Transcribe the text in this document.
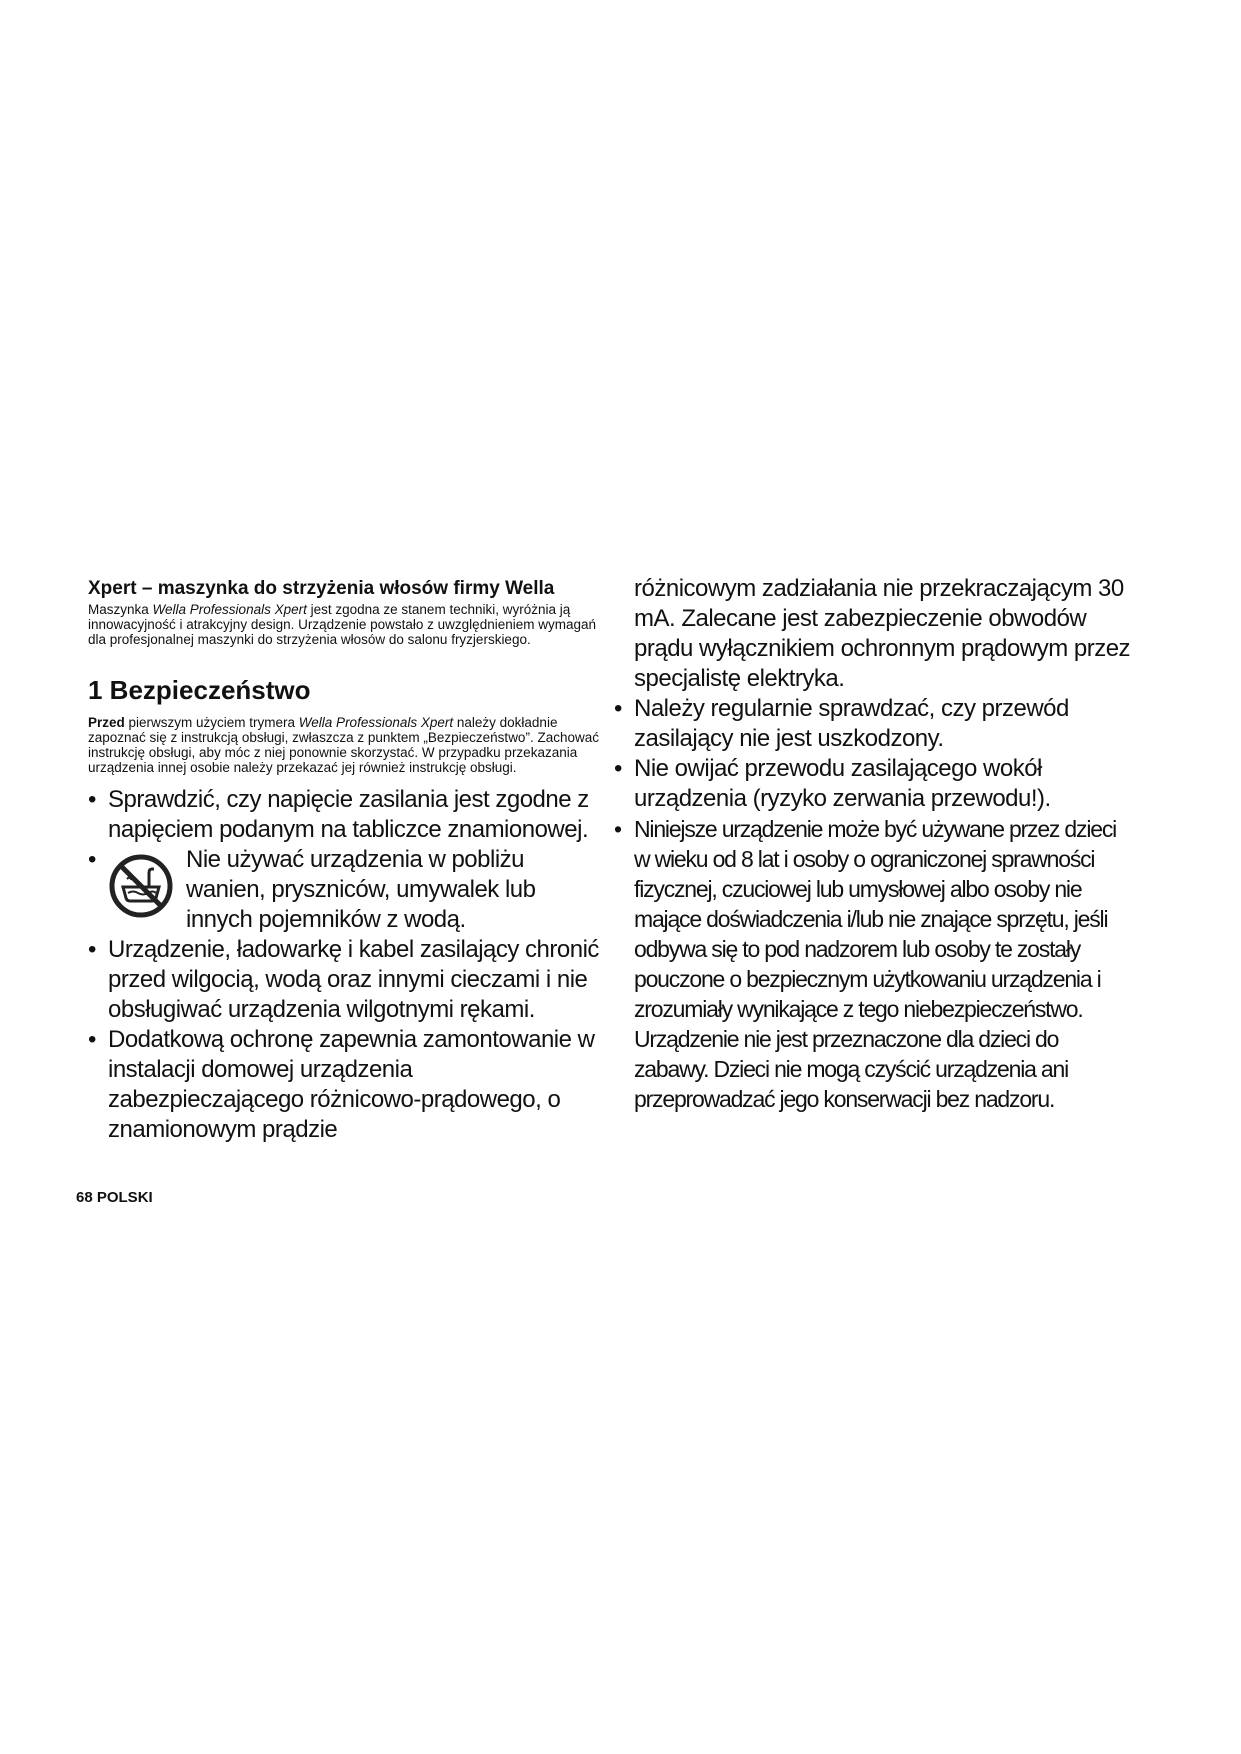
Xpert – maszynka do strzyżenia włosów firmy Wella

Maszynka Wella Professionals Xpert jest zgodna ze stanem techniki, wyróżnia ją innowacyjność i atrakcyjny design. Urządzenie powstało z uwzględnieniem wymagań dla profesjonalnej maszynki do strzyżenia włosów do salonu fryzjerskiego.

1 Bezpieczeństwo

Przed pierwszym użyciem trymera Wella Professionals Xpert należy dokładnie zapoznać się z instrukcją obsługi, zwłaszcza z punktem „Bezpieczeństwo”. Zachować instrukcję obsługi, aby móc z niej ponownie skorzystać. W przypadku przekazania urządzenia innej osobie należy przekazać jej również instrukcję obsługi.

• Sprawdzić, czy napięcie zasilania jest zgodne z napięciem podanym na tabliczce znamionowej.
•	Nie używać urządzenia w pobliżu wanien, pryszniców, umywalek lub innych pojemników z wodą.
• Urządzenie, ładowarkę i kabel zasilający chronić przed wilgocią, wodą oraz innymi cieczami i nie obsługiwać urządzenia wilgotnymi rękami.
• Dodatkową ochronę zapewnia zamontowanie w instalacji domowej urządzenia zabezpieczającego różnicowo-prądowego, o znamionowym prądzie

różnicowym zadziałania nie przekraczającym 30 mA. Zalecane jest zabezpieczenie obwodów prądu wyłącznikiem ochronnym prądowym przez specjalistę elektryka.

• Należy regularnie sprawdzać, czy przewód zasilający nie jest uszkodzony.
• Nie owijać przewodu zasilającego wokół urządzenia (ryzyko zerwania przewodu!).
• Niniejsze urządzenie może być używane przez dzieci w wieku od 8 lat i osoby o ograniczonej sprawności fizycznej, czuciowej lub umysłowej albo osoby nie mające doświadczenia i/lub nie znające sprzętu, jeśli odbywa się to pod nadzorem lub osoby te zostały pouczone o bezpiecznym użytkowaniu urządzenia i zrozumiały wynikające z tego niebezpieczeństwo. Urządzenie nie jest przeznaczone dla dzieci do zabawy. Dzieci nie mogą czyścić urządzenia ani przeprowadzać jego konserwacji bez nadzoru.

68 POLSKI
